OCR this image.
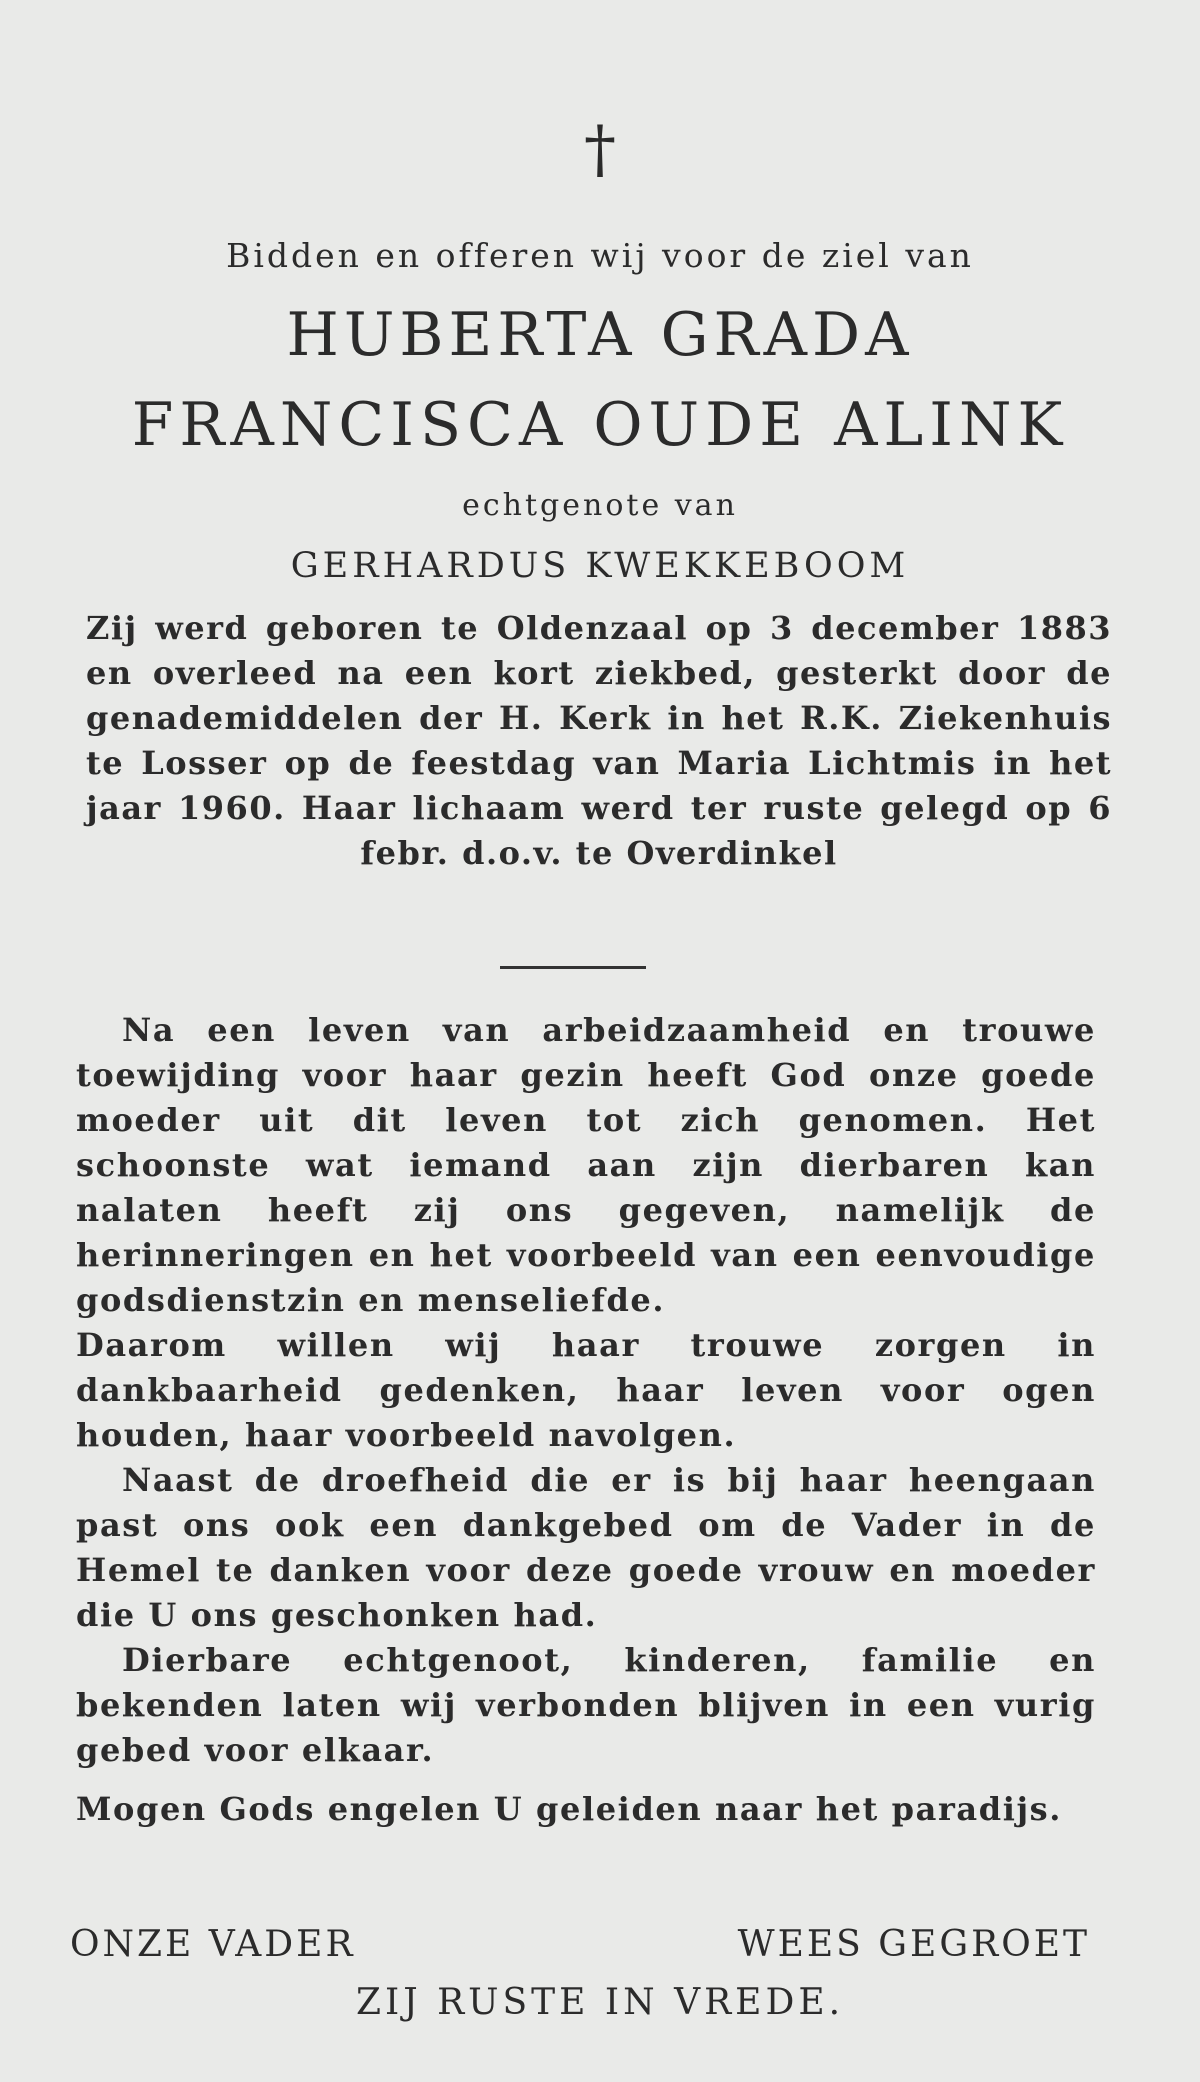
†
Bidden en offeren wij voor de ziel van
HUBERTA GRADA
FRANCISCA OUDE ALINK
echtgenote van
GERHARDUS KWEKKEBOOM
Zij werd geboren te Oldenzaal op 3 december 1883 en overleed na een kort ziekbed, gesterkt door de genademiddelen der H. Kerk in het R.K. Ziekenhuis te Losser op de feestdag van Maria Lichtmis in het jaar 1960. Haar lichaam werd ter ruste gelegd op 6 febr. d.o.v. te Overdinkel

Na een leven van arbeidzaamheid en trouwe toewijding voor haar gezin heeft God onze goede moeder uit dit leven tot zich genomen. Het schoonste wat iemand aan zijn dierbaren kan nalaten heeft zij ons gegeven, namelijk de herinneringen en het voorbeeld van een eenvoudige godsdienstzin en menseliefde.

Daarom willen wij haar trouwe zorgen in dankbaarheid gedenken, haar leven voor ogen houden, haar voorbeeld navolgen.

Naast de droefheid die er is bij haar heengaan past ons ook een dankgebed om de Vader in de Hemel te danken voor deze goede vrouw en moeder die U ons geschonken had.

Dierbare echtgenoot, kinderen, familie en bekenden laten wij verbonden blijven in een vurig gebed voor elkaar.

Mogen Gods engelen U geleiden naar het paradijs.

ONZE VADER	WEES GEGROET
ZIJ RUSTE IN VREDE.
